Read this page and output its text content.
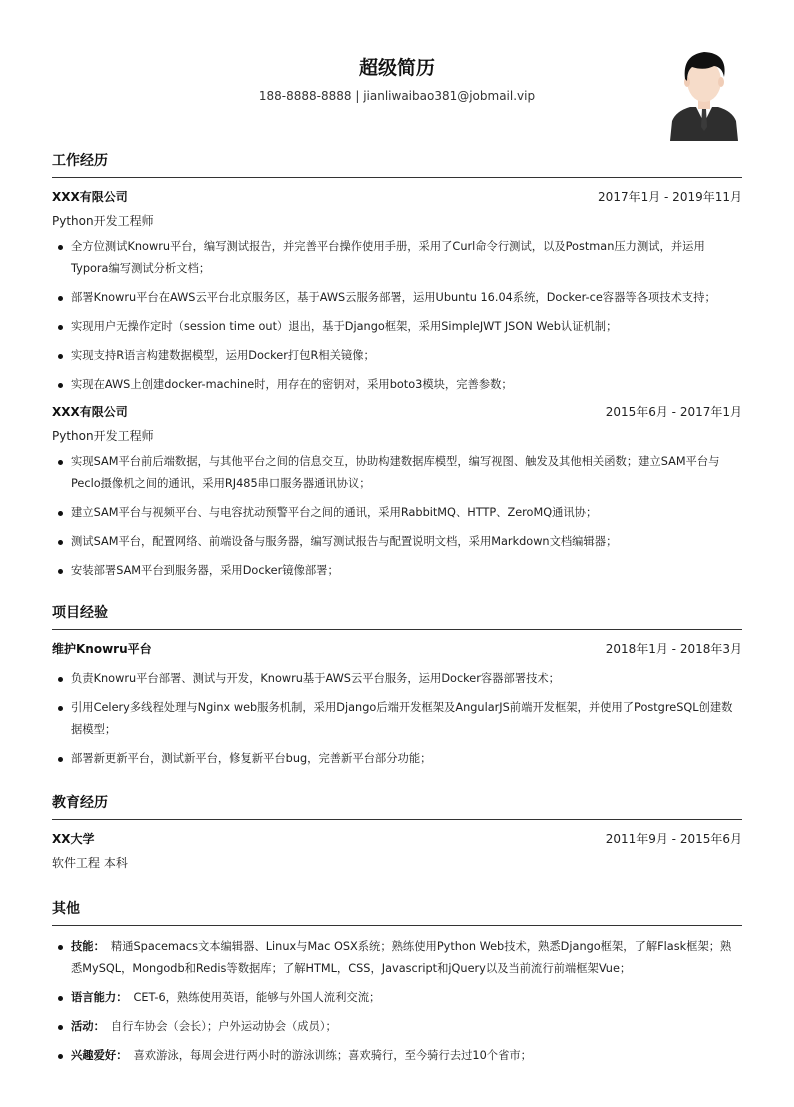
超级简历
188-8888-8888 | jianliwaibao381@jobmail.vip
工作经历
XXX有限公司	2017年1月 - 2019年11月
Python开发工程师
全方位测试Knowru平台，编写测试报告，并完善平台操作使用手册，采用了Curl命令行测试，以及Postman压力测试，并运用Typora编写测试分析文档；
部署Knowru平台在AWS云平台北京服务区，基于AWS云服务部署，运用Ubuntu 16.04系统，Docker-ce容器等各项技术支持；
实现用户无操作定时（session time out）退出，基于Django框架，采用SimpleJWT JSON Web认证机制；
实现支持R语言构建数据模型，运用Docker打包R相关镜像；
实现在AWS上创建docker-machine时，用存在的密钥对，采用boto3模块，完善参数；
XXX有限公司	2015年6月 - 2017年1月
Python开发工程师
实现SAM平台前后端数据，与其他平台之间的信息交互，协助构建数据库模型，编写视图、触发及其他相关函数；建立SAM平台与Peclo摄像机之间的通讯，采用RJ485串口服务器通讯协议；
建立SAM平台与视频平台、与电容扰动预警平台之间的通讯，采用RabbitMQ、HTTP、ZeroMQ通讯协；
测试SAM平台，配置网络、前端设备与服务器，编写测试报告与配置说明文档，采用Markdown文档编辑器；
安装部署SAM平台到服务器，采用Docker镜像部署；
项目经验
维护Knowru平台	2018年1月 - 2018年3月
负责Knowru平台部署、测试与开发，Knowru基于AWS云平台服务，运用Docker容器部署技术；
引用Celery多线程处理与Nginx web服务机制，采用Django后端开发框架及AngularJS前端开发框架，并使用了PostgreSQL创建数据模型；
部署新更新平台，测试新平台，修复新平台bug，完善新平台部分功能；
教育经历
XX大学	2011年9月 - 2015年6月
软件工程 本科
其他
技能： 精通Spacemacs文本编辑器、Linux与Mac OSX系统；熟练使用Python Web技术，熟悉Django框架，了解Flask框架；熟悉MySQL，Mongodb和Redis等数据库；了解HTML，CSS，Javascript和jQuery以及当前流行前端框架Vue；
语言能力： CET-6，熟练使用英语，能够与外国人流利交流；
活动： 自行车协会（会长）；户外运动协会（成员）；
兴趣爱好： 喜欢游泳，每周会进行两小时的游泳训练；喜欢骑行，至今骑行去过10个省市；
